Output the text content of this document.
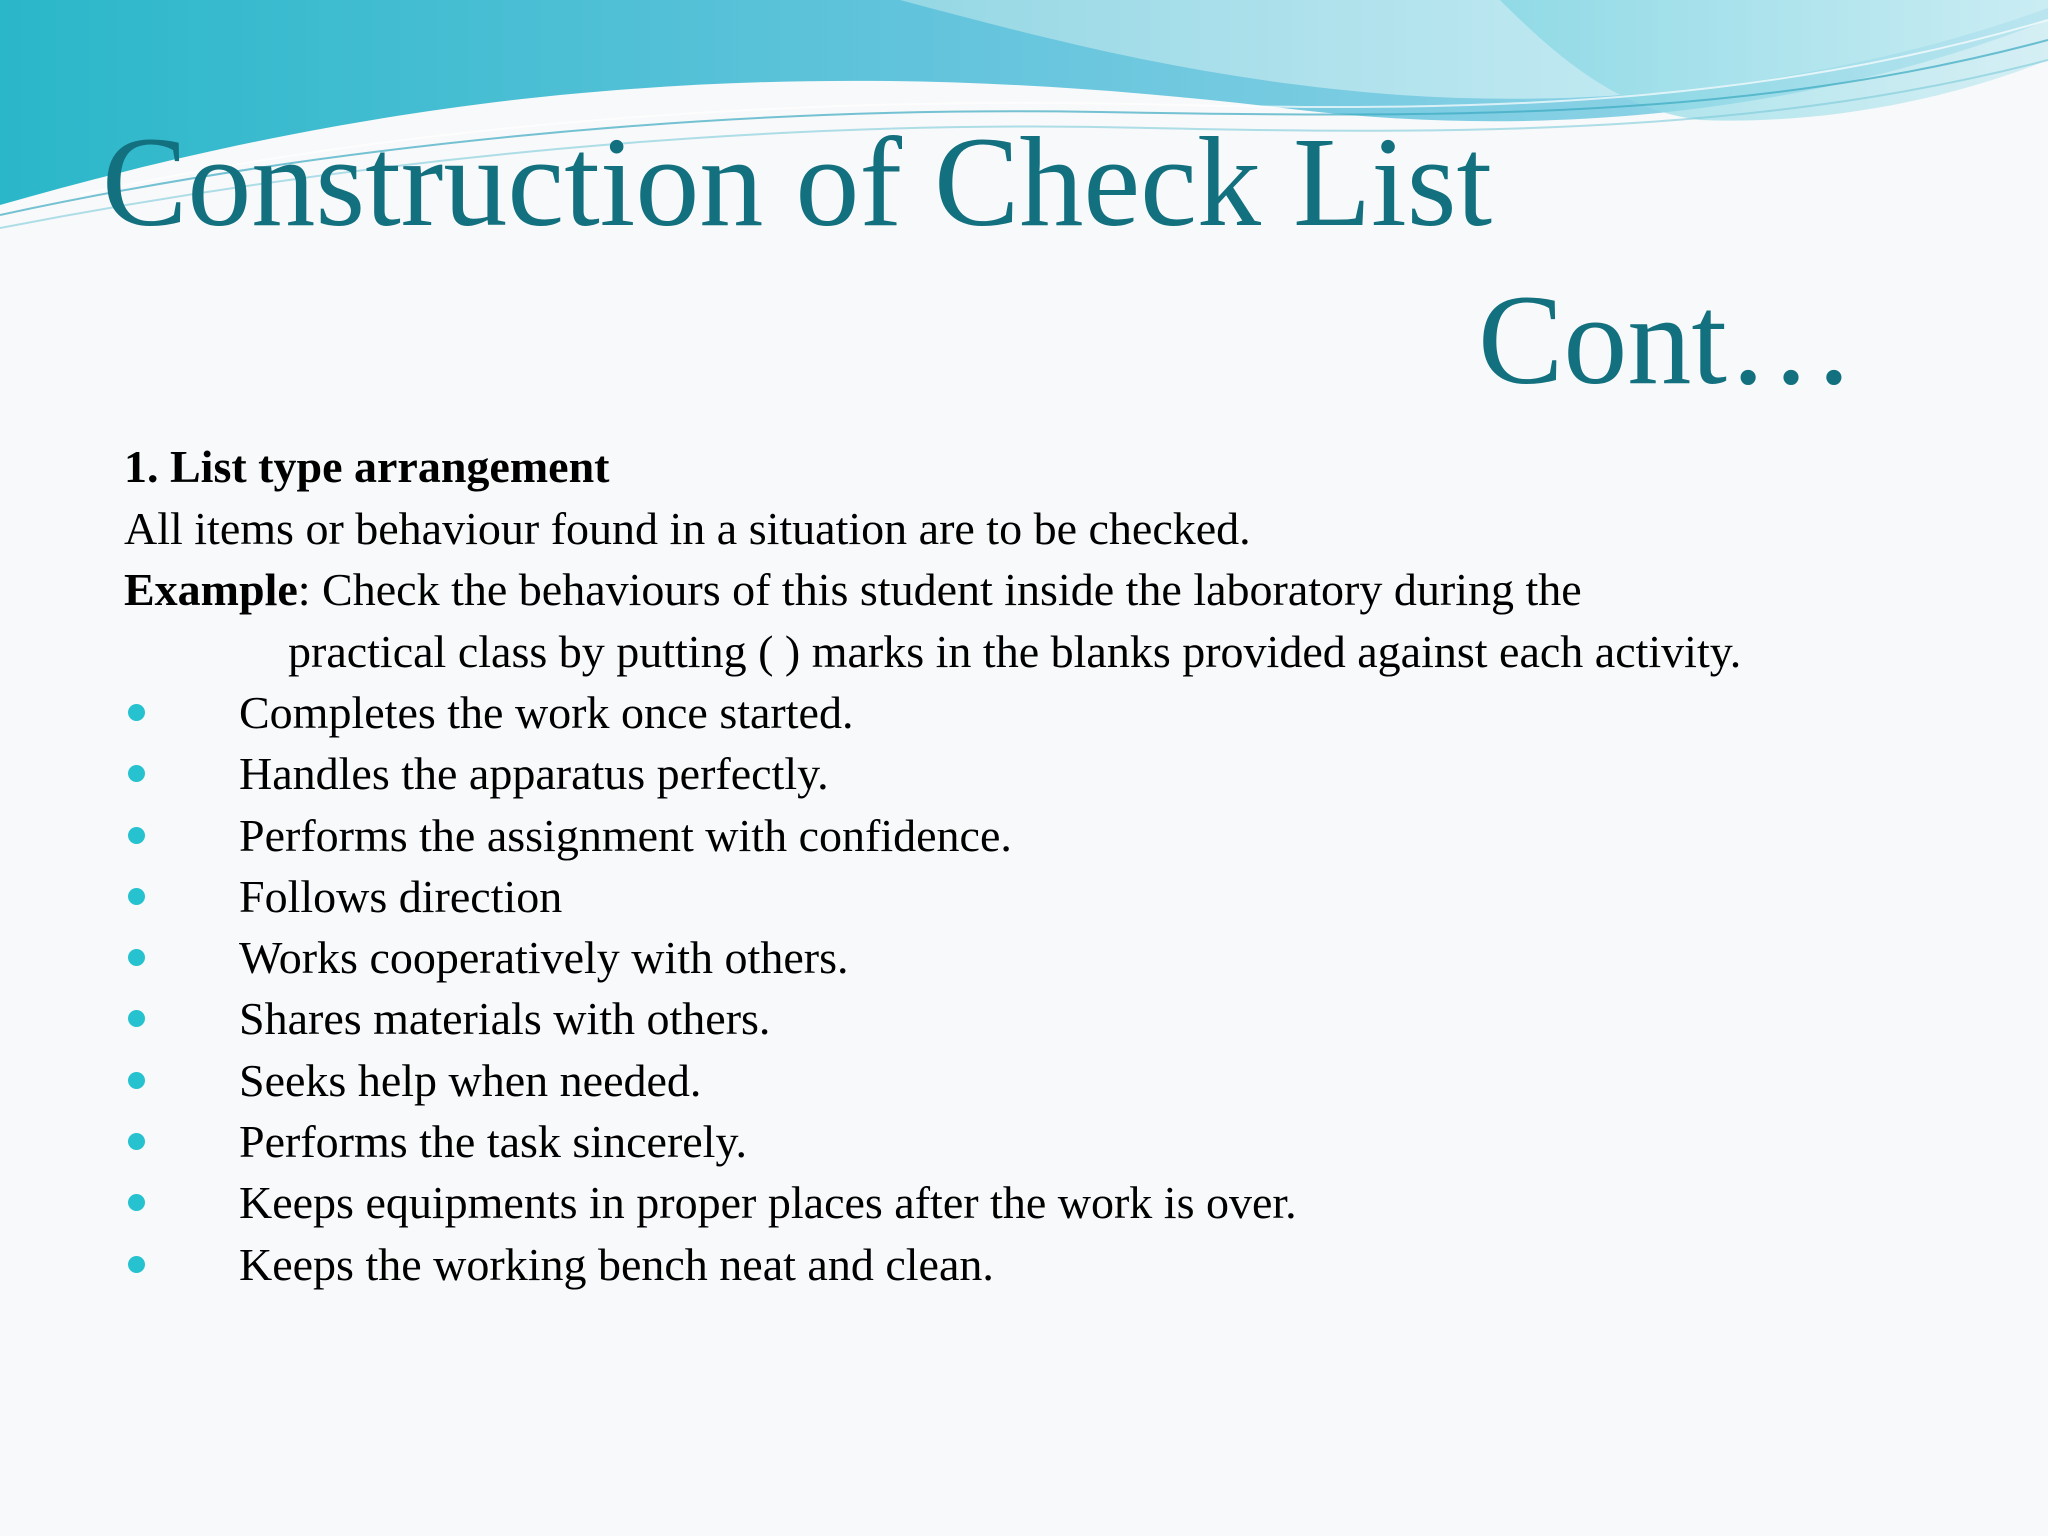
Construction of Check List
Cont…

1. List type arrangement

All items or behaviour found in a situation are to be checked.

Example: Check the behaviours of this student inside the laboratory during the

practical class by putting ( ) marks in the blanks provided against each activity.

Completes the work once started.
Handles the apparatus perfectly.
Performs the assignment with confidence.
Follows direction
Works cooperatively with others.
Shares materials with others.
Seeks help when needed.
Performs the task sincerely.
Keeps equipments in proper places after the work is over.
Keeps the working bench neat and clean.
